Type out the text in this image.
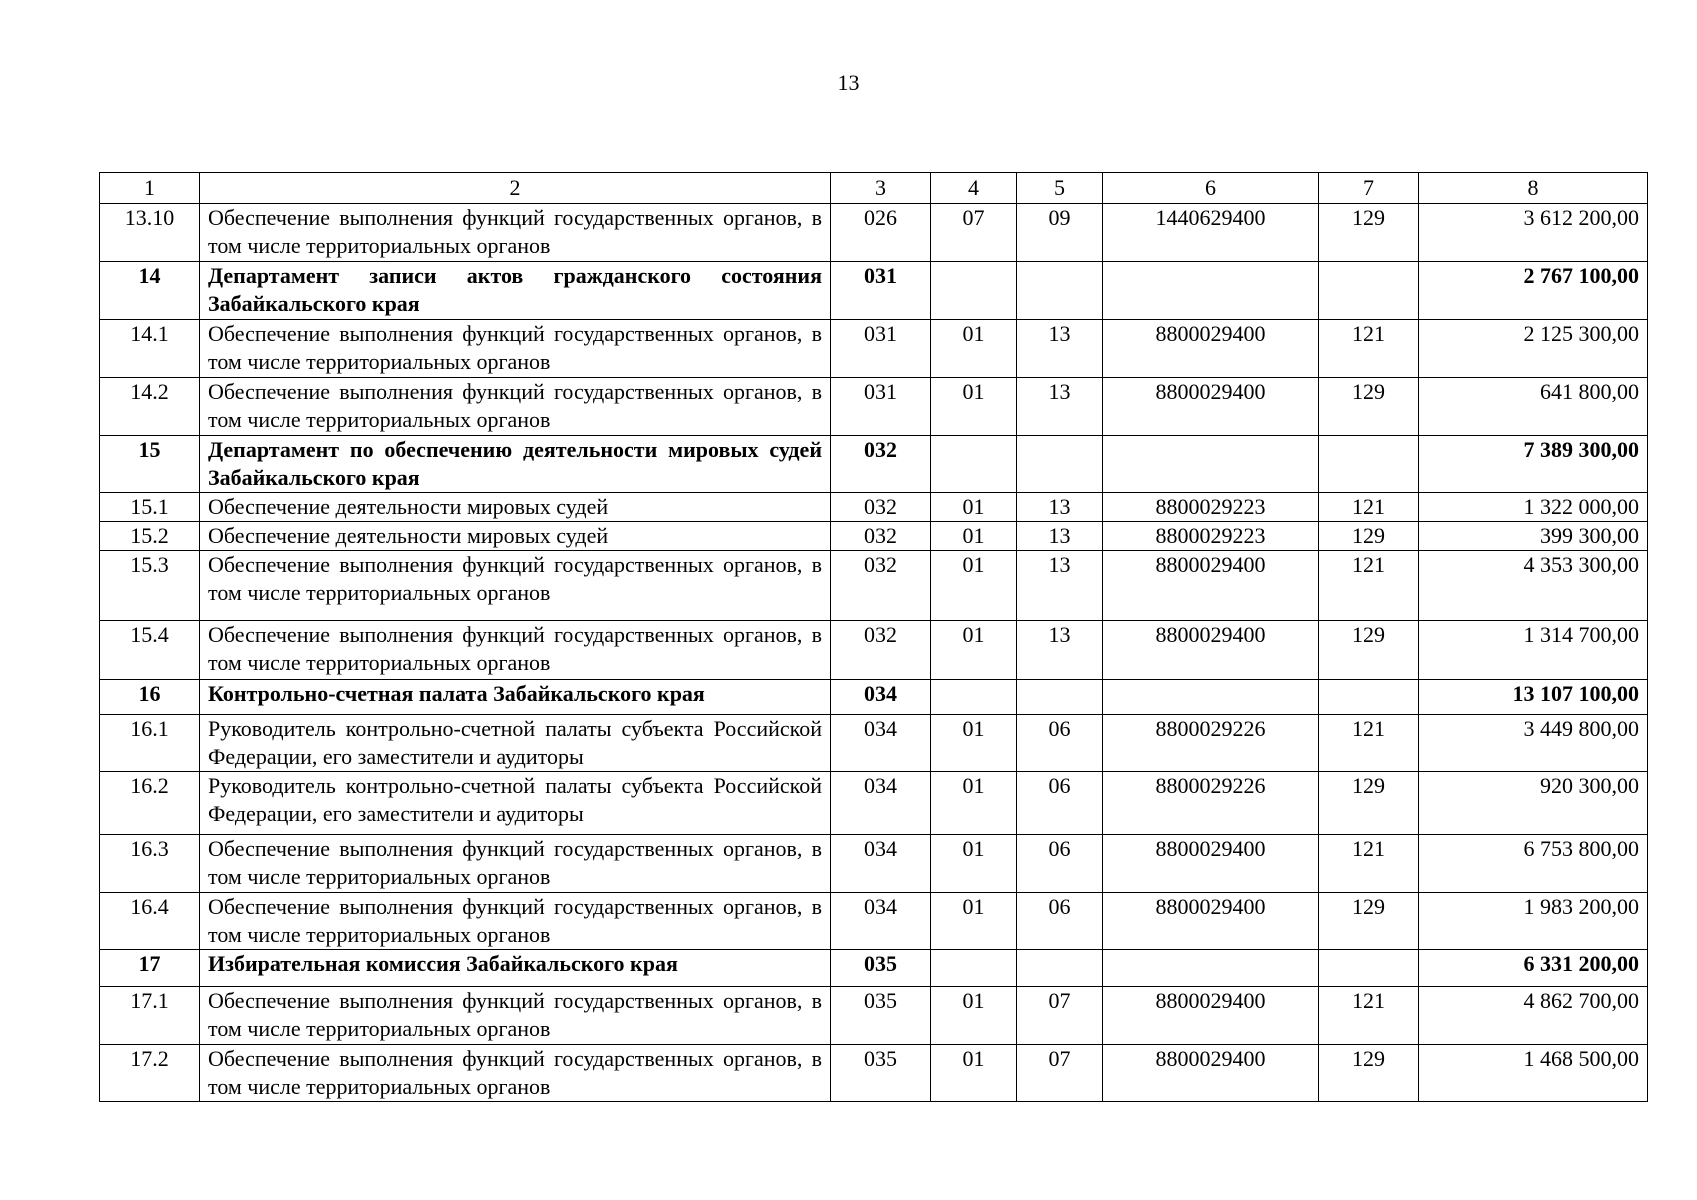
13
1	2	3	4	5	6	7	8
13.10	Обеспечение выполнения функций государственных органов, в том числе территориальных органов	026	07	09	1440629400	129	3 612 200,00
14	Департамент записи актов гражданского состояния Забайкальского края	031					2 767 100,00
14.1	Обеспечение выполнения функций государственных органов, в том числе территориальных органов	031	01	13	8800029400	121	2 125 300,00
14.2	Обеспечение выполнения функций государственных органов, в том числе территориальных органов	031	01	13	8800029400	129	641 800,00
15	Департамент по обеспечению деятельности мировых судей Забайкальского края	032					7 389 300,00
15.1	Обеспечение деятельности мировых судей	032	01	13	8800029223	121	1 322 000,00
15.2	Обеспечение деятельности мировых судей	032	01	13	8800029223	129	399 300,00
15.3	Обеспечение выполнения функций государственных органов, в том числе территориальных органов	032	01	13	8800029400	121	4 353 300,00
15.4	Обеспечение выполнения функций государственных органов, в том числе территориальных органов	032	01	13	8800029400	129	1 314 700,00
16	Контрольно-счетная палата Забайкальского края	034					13 107 100,00
16.1	Руководитель контрольно-счетной палаты субъекта Российской Федерации, его заместители и аудиторы	034	01	06	8800029226	121	3 449 800,00
16.2	Руководитель контрольно-счетной палаты субъекта Российской Федерации, его заместители и аудиторы	034	01	06	8800029226	129	920 300,00
16.3	Обеспечение выполнения функций государственных органов, в том числе территориальных органов	034	01	06	8800029400	121	6 753 800,00
16.4	Обеспечение выполнения функций государственных органов, в том числе территориальных органов	034	01	06	8800029400	129	1 983 200,00
17	Избирательная комиссия Забайкальского края	035					6 331 200,00
17.1	Обеспечение выполнения функций государственных органов, в том числе территориальных органов	035	01	07	8800029400	121	4 862 700,00
17.2	Обеспечение выполнения функций государственных органов, в том числе территориальных органов	035	01	07	8800029400	129	1 468 500,00
